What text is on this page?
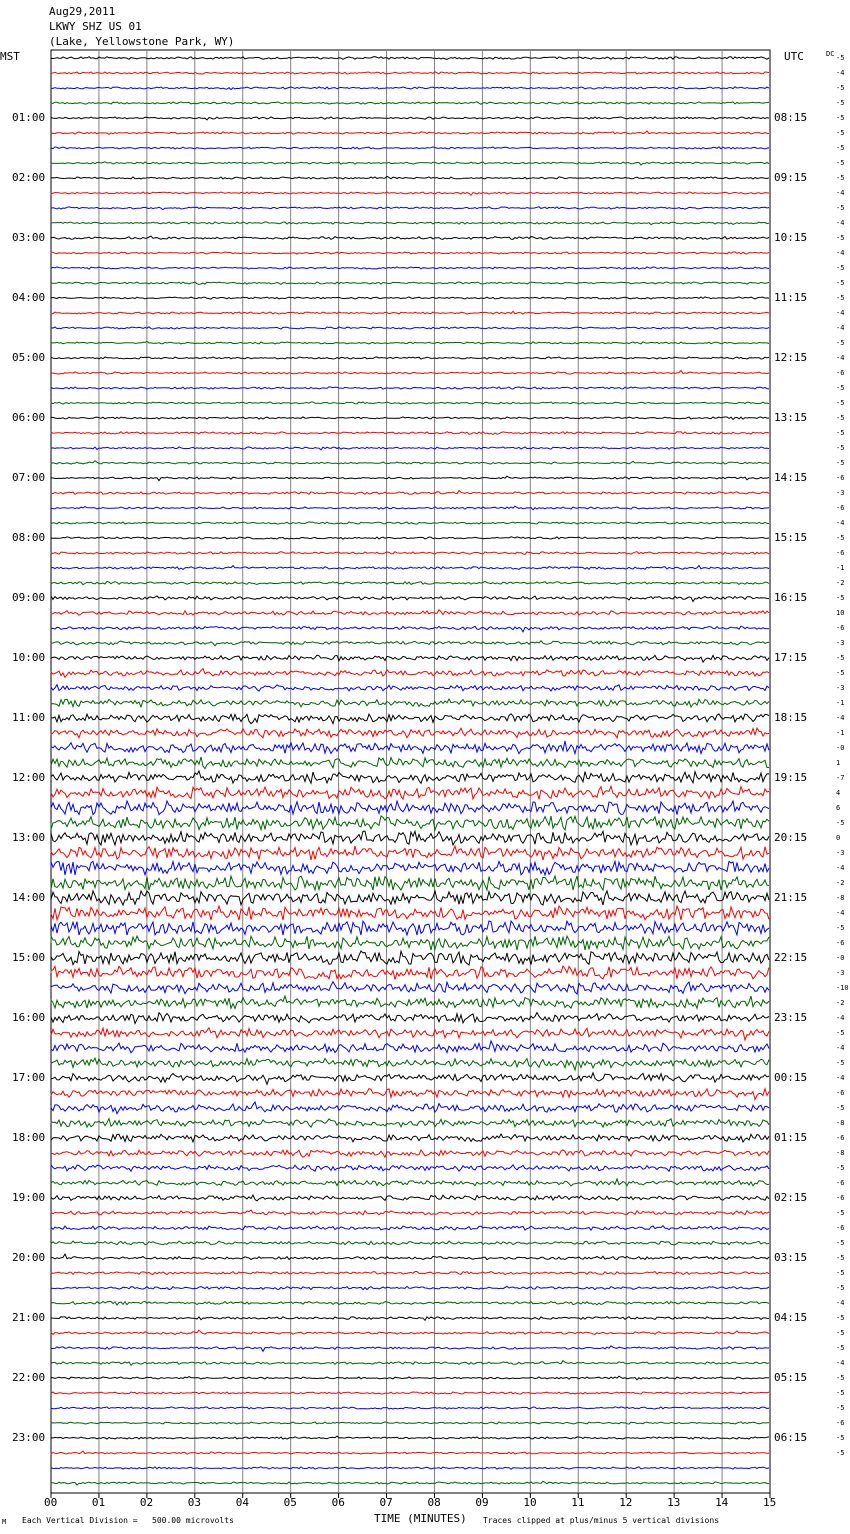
Aug29,2011
LKWY SHZ US 01
(Lake, Yellowstone Park, WY)
MST	UTC	DC
00	01	02	03	04	05	06	07	08	09	10	11	12	13	14	15
01:00
02:00
03:00
04:00
05:00
06:00
07:00
08:00
09:00
10:00
11:00
12:00
13:00
14:00
15:00
16:00
17:00
18:00
19:00
20:00
21:00
22:00
23:00
08:15
09:15
10:15
11:15
12:15
13:15
14:15
15:15
16:15
17:15
18:15
19:15
20:15
21:15
22:15
23:15
00:15
01:15
02:15
03:15
04:15
05:15
06:15
-5
-4
-5
-5
-5
-5
-5
-5
-5
-4
-5
-4
-5
-4
-5
-5
-5
-4
-4
-5
-4
-6
-5
-5
-5
-5
-5
-5
-6
-3
-6
-4
-5
-6
-1
-2
-5
10
-6
-3
-5
-5
-3
-1
-4
-1
-0
1
-7
4
6
-5
0
-3
-4
-2
-8
-4
-5
-6
-0
-3
-10
-2
-4
-5
-4
-5
-4
-6
-5
-8
-6
-8
-5
-6
-6
-5
-6
-5
-5
-5
-5
-4
-5
-5
-5
-4
-5
-5
-5
-6
-5
-5
M Each Vertical Division =   500.00 microvolts	TIME (MINUTES) Traces clipped at plus/minus 5 vertical divisions
